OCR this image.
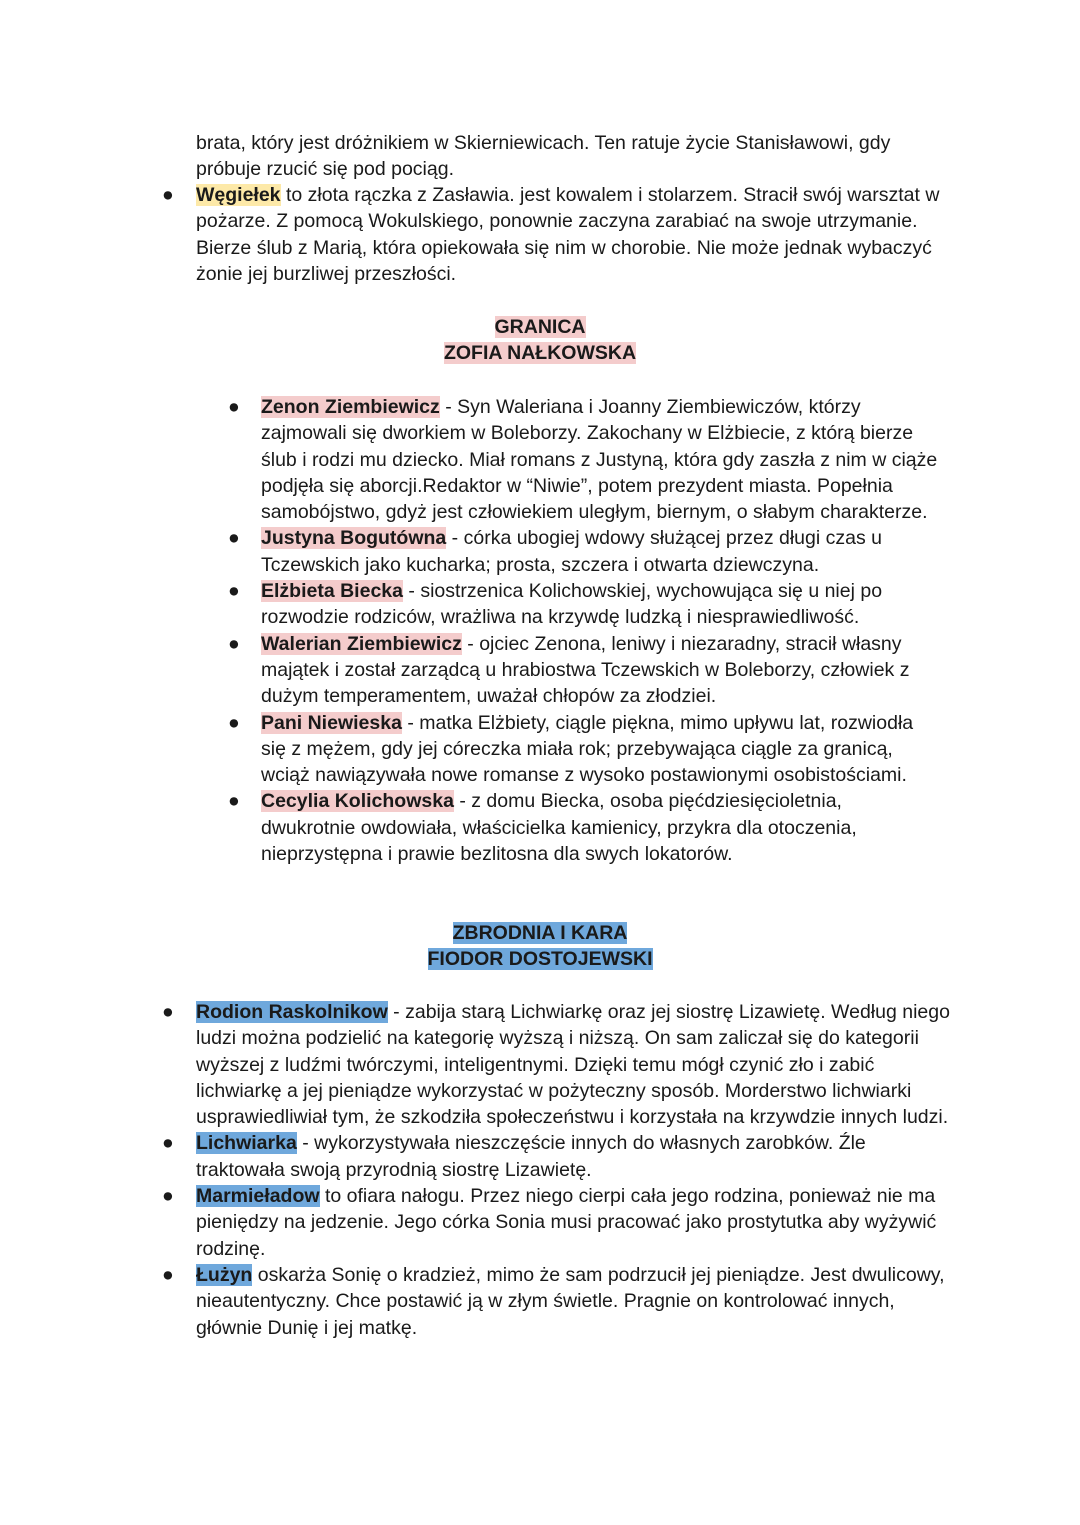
brata, który jest dróżnikiem w Skierniewicach. Ten ratuje życie Stanisławowi, gdy próbuje rzucić się pod pociąg.

● Węgiełek to złota rączka z Zasławia. jest kowalem i stolarzem. Stracił swój warsztat w pożarze. Z pomocą Wokulskiego, ponownie zaczyna zarabiać na swoje utrzymanie. Bierze ślub z Marią, która opiekowała się nim w chorobie. Nie może jednak wybaczyć żonie jej burzliwej przeszłości.
GRANICA
ZOFIA NAŁKOWSKA
● Zenon Ziembiewicz - Syn Waleriana i Joanny Ziembiewiczów, którzy zajmowali się dworkiem w Boleborzy. Zakochany w Elżbiecie, z którą bierze ślub i rodzi mu dziecko. Miał romans z Justyną, która gdy zaszła z nim w ciąże podjęła się aborcji.Redaktor w “Niwie”, potem prezydent miasta. Popełnia samobójstwo, gdyż jest człowiekiem uległym, biernym, o słabym charakterze.
● Justyna Bogutówna - córka ubogiej wdowy służącej przez długi czas u Tczewskich jako kucharka; prosta, szczera i otwarta dziewczyna.
● Elżbieta Biecka - siostrzenica Kolichowskiej, wychowująca się u niej po rozwodzie rodziców, wrażliwa na krzywdę ludzką i niesprawiedliwość.
● Walerian Ziembiewicz - ojciec Zenona, leniwy i niezaradny, stracił własny majątek i został zarządcą u hrabiostwa Tczewskich w Boleborzy, człowiek z dużym temperamentem, uważał chłopów za złodziei.
● Pani Niewieska - matka Elżbiety, ciągle piękna, mimo upływu lat, rozwiodła się z mężem, gdy jej córeczka miała rok; przebywająca ciągle za granicą, wciąż nawiązywała nowe romanse z wysoko postawionymi osobistościami.
● Cecylia Kolichowska - z domu Biecka, osoba pięćdziesięcioletnia, dwukrotnie owdowiała, właścicielka kamienicy, przykra dla otoczenia, nieprzystępna i prawie bezlitosna dla swych lokatorów.
ZBRODNIA I KARA
FIODOR DOSTOJEWSKI
● Rodion Raskolnikow - zabija starą Lichwiarkę oraz jej siostrę Lizawietę. Według niego ludzi można podzielić na kategorię wyższą i niższą. On sam zaliczał się do kategorii wyższej z ludźmi twórczymi, inteligentnymi. Dzięki temu mógł czynić zło i zabić lichwiarkę a jej pieniądze wykorzystać w pożyteczny sposób. Morderstwo lichwiarki usprawiedliwiał tym, że szkodziła społeczeństwu i korzystała na krzywdzie innych ludzi.
● Lichwiarka - wykorzystywała nieszczęście innych do własnych zarobków. Źle traktowała swoją przyrodnią siostrę Lizawietę.
● Marmieładow to ofiara nałogu. Przez niego cierpi cała jego rodzina, ponieważ nie ma pieniędzy na jedzenie. Jego córka Sonia musi pracować jako prostytutka aby wyżywić rodzinę.
● Łużyn oskarża Sonię o kradzież, mimo że sam podrzucił jej pieniądze. Jest dwulicowy, nieautentyczny. Chce postawić ją w złym świetle. Pragnie on kontrolować innych, głównie Dunię i jej matkę.
